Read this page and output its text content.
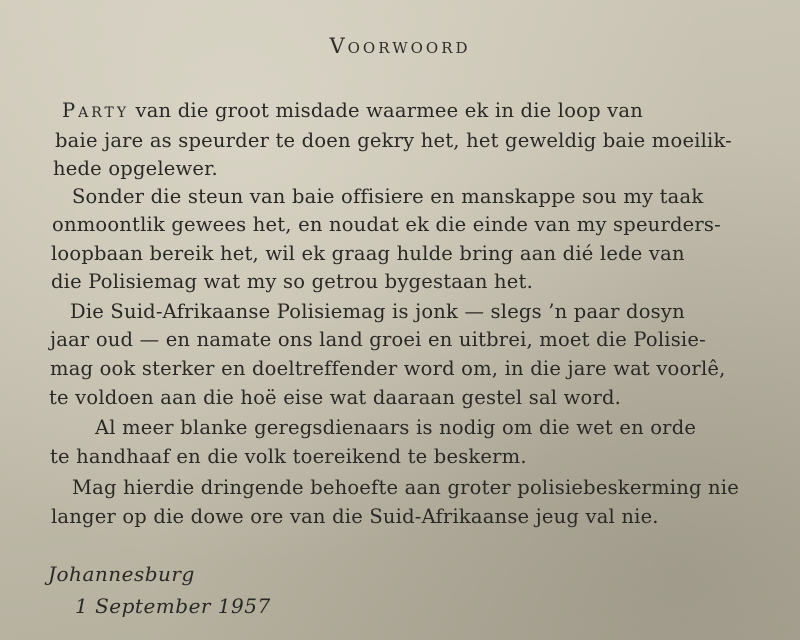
Voorwoord
Party van die groot misdade waarmee ek in die loop van
baie jare as speurder te doen gekry het, het geweldig baie moeilik-
hede opgelewer.
Sonder die steun van baie offisiere en manskappe sou my taak
onmoontlik gewees het, en noudat ek die einde van my speurders-
loopbaan bereik het, wil ek graag hulde bring aan dié lede van
die Polisiemag wat my so getrou bygestaan het.
Die Suid-Afrikaanse Polisiemag is jonk — slegs ’n paar dosyn
jaar oud — en namate ons land groei en uitbrei, moet die Polisie-
mag ook sterker en doeltreffender word om, in die jare wat voorlê,
te voldoen aan die hoë eise wat daaraan gestel sal word.
Al meer blanke geregsdienaars is nodig om die wet en orde
te handhaaf en die volk toereikend te beskerm.
Mag hierdie dringende behoefte aan groter polisiebeskerming nie
langer op die dowe ore van die Suid-Afrikaanse jeug val nie.
Johannesburg
1 September 1957
